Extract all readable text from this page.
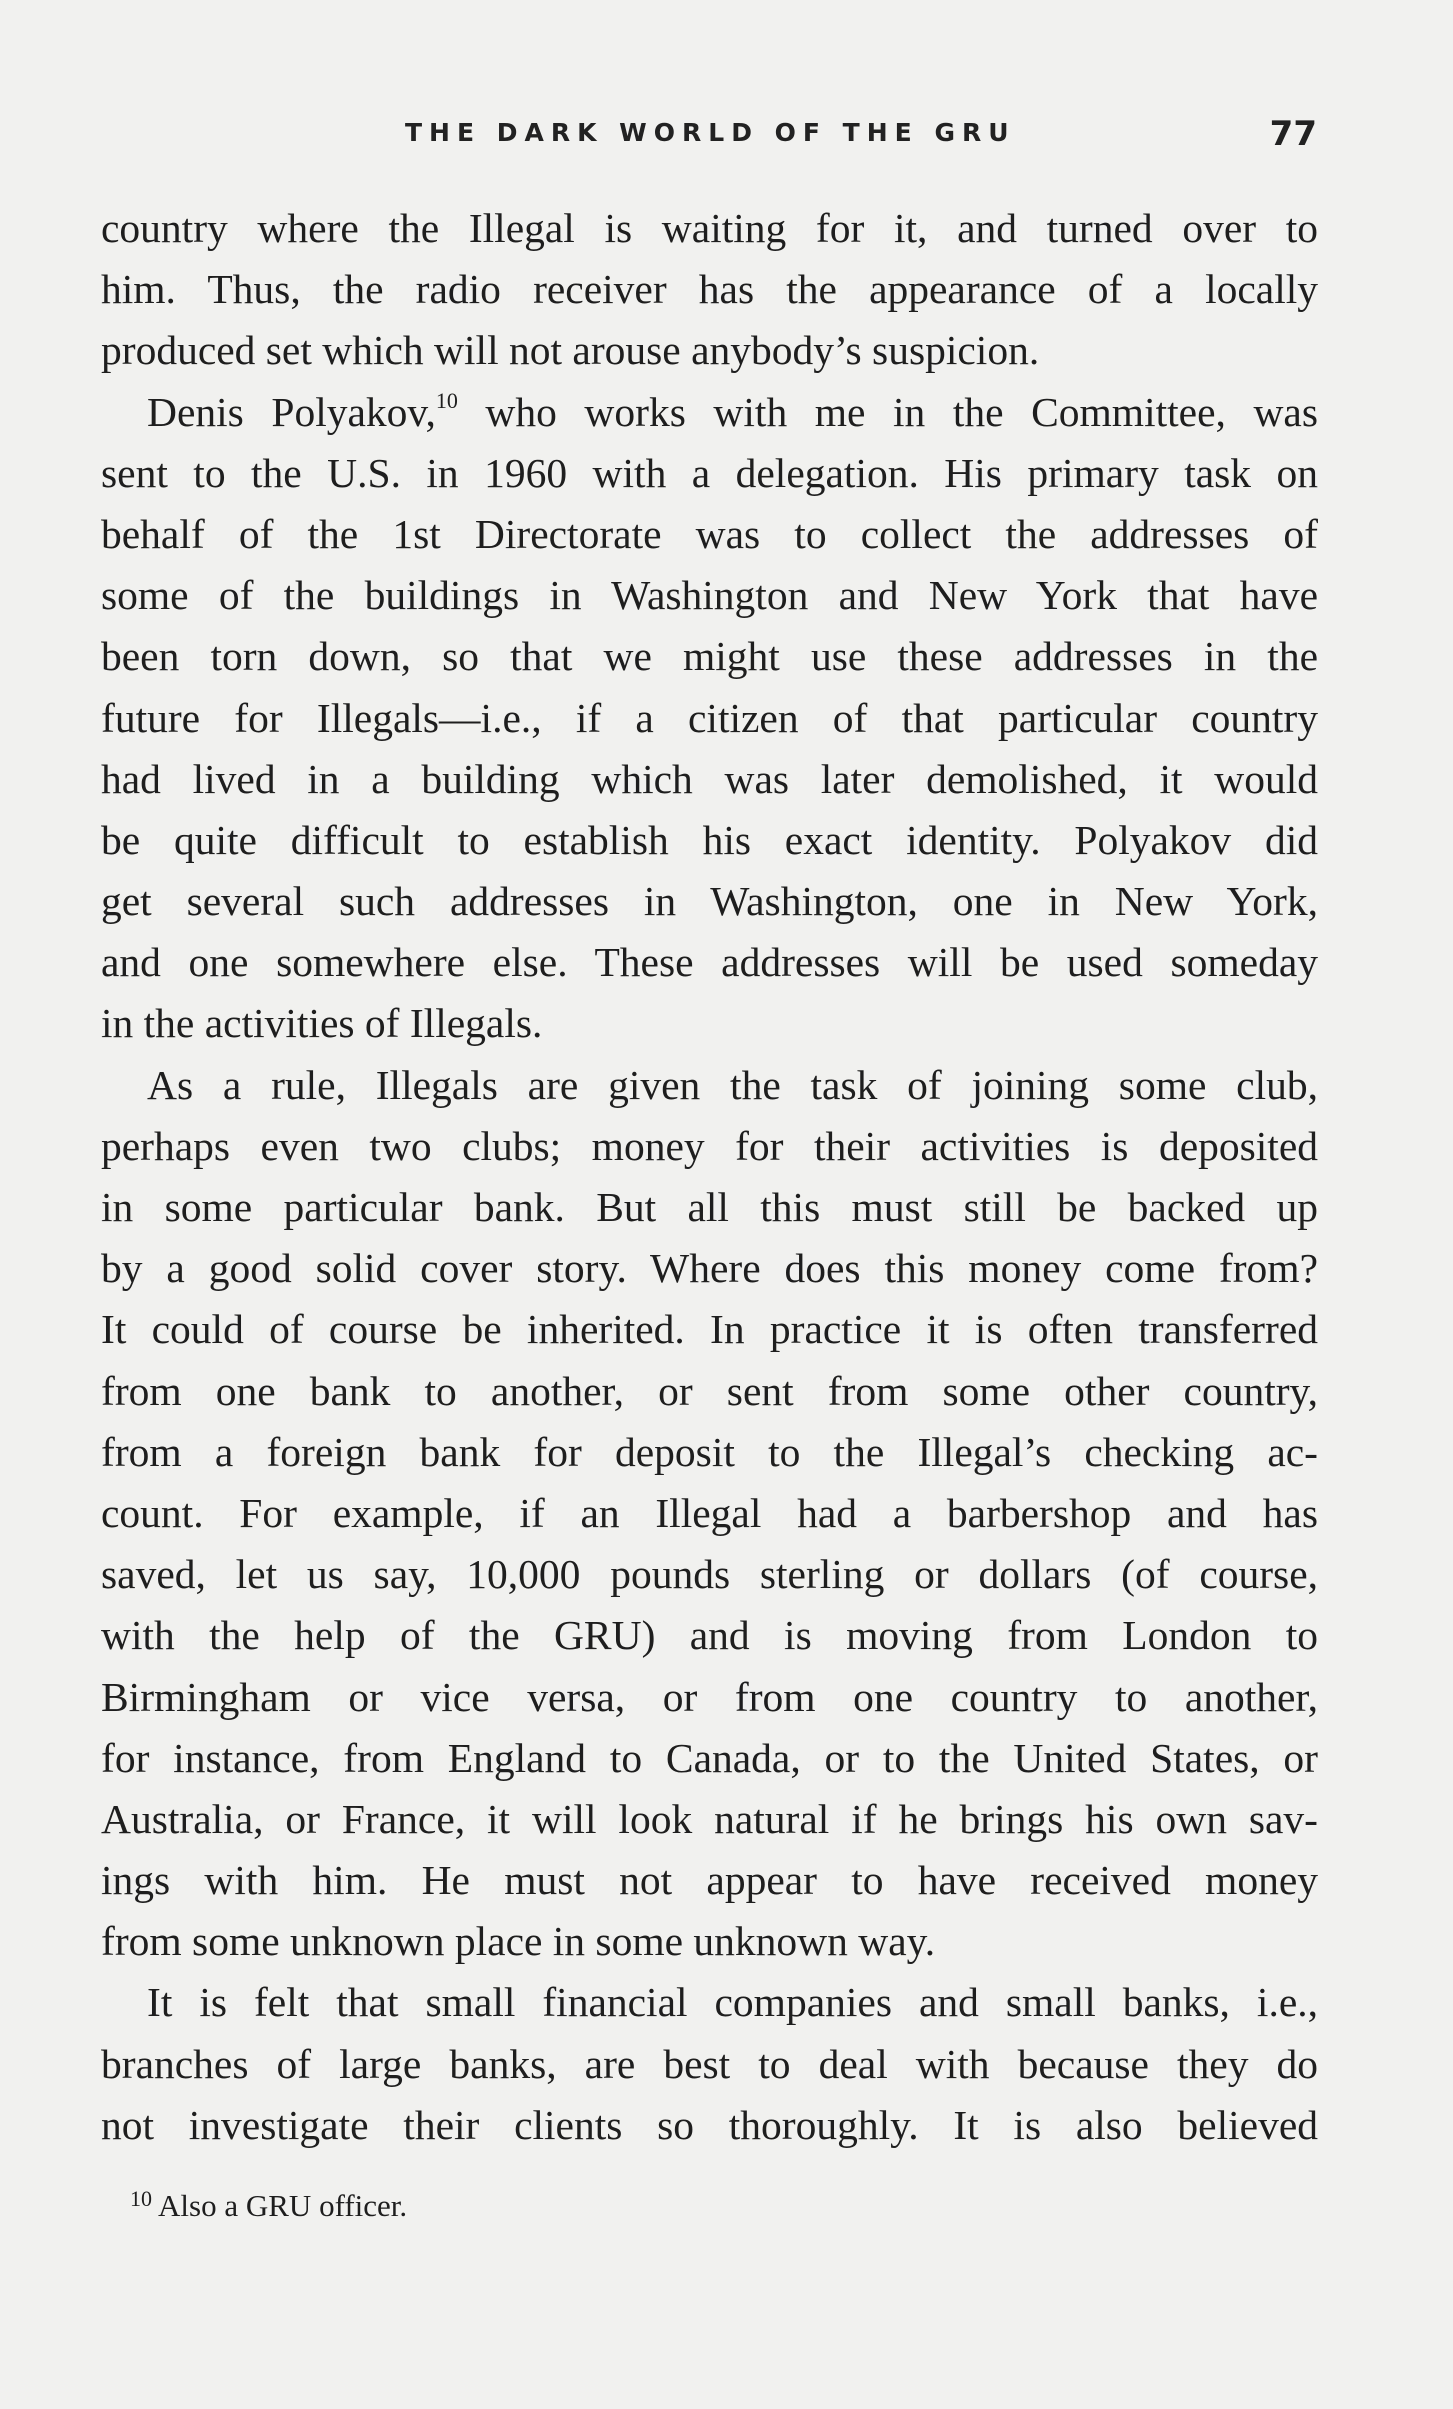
THE DARK WORLD OF THE GRU	77
country where the Illegal is waiting for it, and turned over to
him. Thus, the radio receiver has the appearance of a locally
produced set which will not arouse anybody’s suspicion.
Denis Polyakov,$^{10}$ who works with me in the Committee, was
sent to the U.S. in 1960 with a delegation. His primary task on
behalf of the 1st Directorate was to collect the addresses of
some of the buildings in Washington and New York that have
been torn down, so that we might use these addresses in the
future for Illegals—i.e., if a citizen of that particular country
had lived in a building which was later demolished, it would
be quite difficult to establish his exact identity. Polyakov did
get several such addresses in Washington, one in New York,
and one somewhere else. These addresses will be used someday
in the activities of Illegals.
As a rule, Illegals are given the task of joining some club,
perhaps even two clubs; money for their activities is deposited
in some particular bank. But all this must still be backed up
by a good solid cover story. Where does this money come from?
It could of course be inherited. In practice it is often transferred
from one bank to another, or sent from some other country,
from a foreign bank for deposit to the Illegal’s checking ac-
count. For example, if an Illegal had a barbershop and has
saved, let us say, 10,000 pounds sterling or dollars (of course,
with the help of the GRU) and is moving from London to
Birmingham or vice versa, or from one country to another,
for instance, from England to Canada, or to the United States, or
Australia, or France, it will look natural if he brings his own sav-
ings with him. He must not appear to have received money
from some unknown place in some unknown way.
It is felt that small financial companies and small banks, i.e.,
branches of large banks, are best to deal with because they do
not investigate their clients so thoroughly. It is also believed
$^{10}$ Also a GRU officer.
